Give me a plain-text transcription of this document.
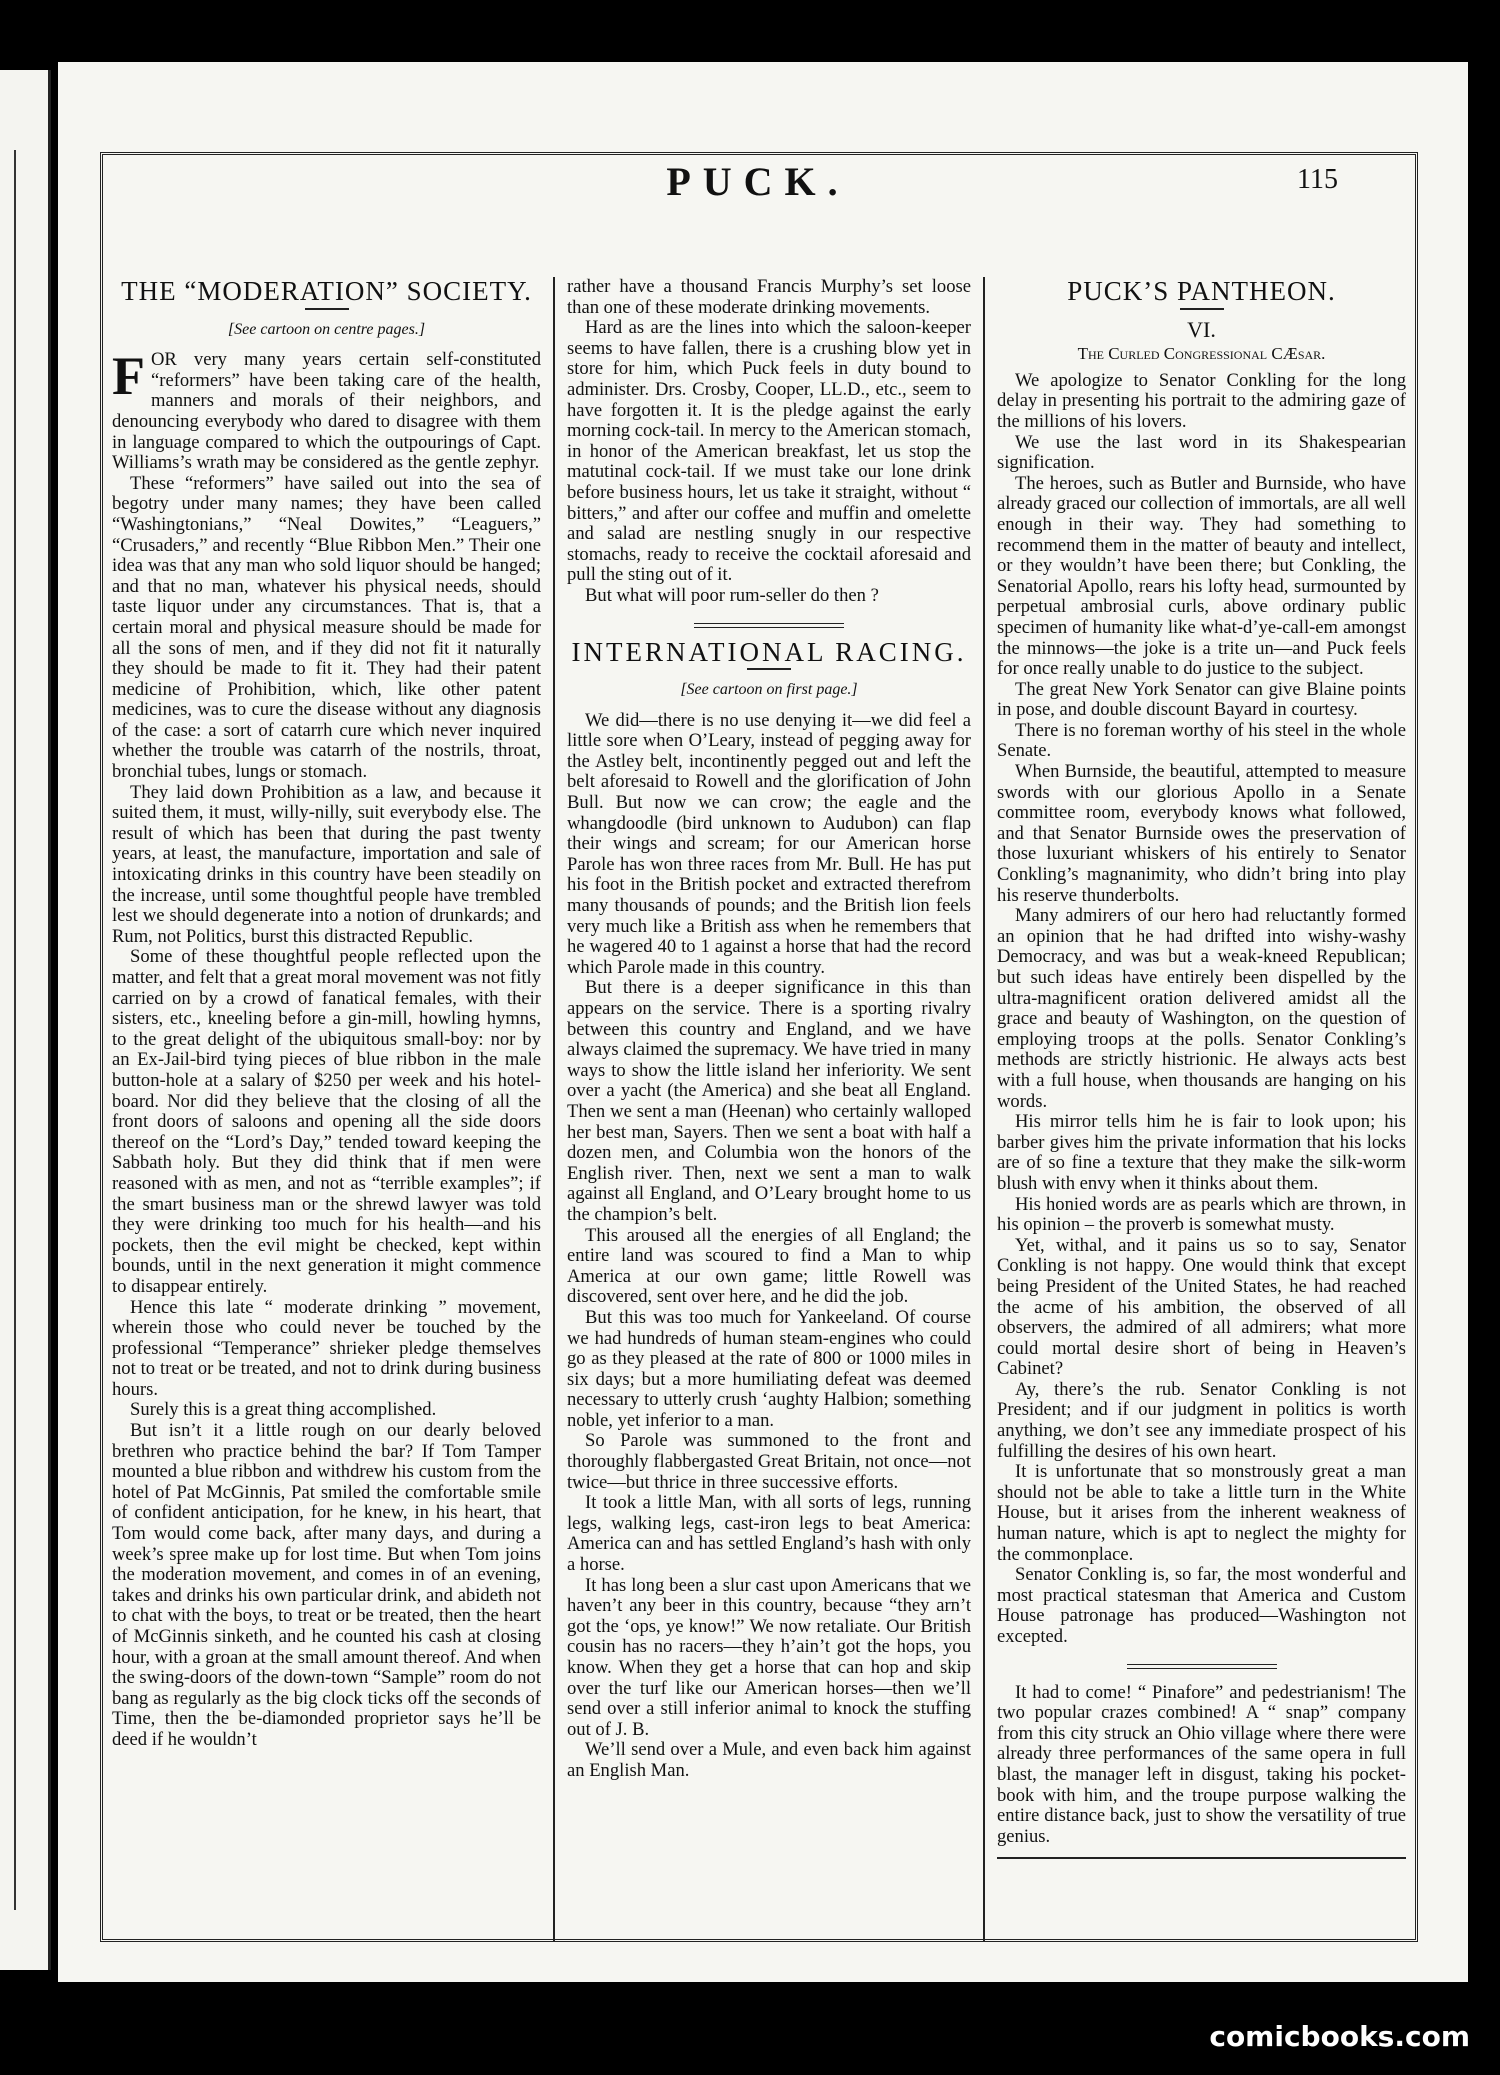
PUCK.	115
THE “MODERATION” SOCIETY.
[See cartoon on centre pages.]

FOR very many years certain self-constituted “reformers” have been taking care of the health, manners and morals of their neighbors, and denouncing everybody who dared to disagree with them in language compared to which the outpourings of Capt. Williams’s wrath may be considered as the gentle zephyr.

These “reformers” have sailed out into the sea of begotry under many names; they have been called “Washingtonians,” “Neal Dowites,” “Leaguers,” “Crusaders,” and recently “Blue Ribbon Men.” Their one idea was that any man who sold liquor should be hanged; and that no man, whatever his physical needs, should taste liquor under any circumstances. That is, that a certain moral and physical measure should be made for all the sons of men, and if they did not fit it naturally they should be made to fit it. They had their patent medicine of Prohibition, which, like other patent medicines, was to cure the disease without any diagnosis of the case: a sort of catarrh cure which never inquired whether the trouble was catarrh of the nostrils, throat, bronchial tubes, lungs or stomach.

They laid down Prohibition as a law, and because it suited them, it must, willy-nilly, suit everybody else. The result of which has been that during the past twenty years, at least, the manufacture, importation and sale of intoxicating drinks in this country have been steadily on the increase, until some thoughtful people have trembled lest we should degenerate into a notion of drunkards; and Rum, not Politics, burst this distracted Republic.

Some of these thoughtful people reflected upon the matter, and felt that a great moral movement was not fitly carried on by a crowd of fanatical females, with their sisters, etc., kneeling before a gin-mill, howling hymns, to the great delight of the ubiquitous small-boy: nor by an Ex-Jail-bird tying pieces of blue ribbon in the male button-hole at a salary of $250 per week and his hotel-board. Nor did they believe that the closing of all the front doors of saloons and opening all the side doors thereof on the “Lord’s Day,” tended toward keeping the Sabbath holy. But they did think that if men were reasoned with as men, and not as “terrible examples”; if the smart business man or the shrewd lawyer was told they were drinking too much for his health—and his pockets, then the evil might be checked, kept within bounds, until in the next generation it might commence to disappear entirely.

Hence this late “ moderate drinking ” movement, wherein those who could never be touched by the professional “Temperance” shrieker pledge themselves not to treat or be treated, and not to drink during business hours.

Surely this is a great thing accomplished.

But isn’t it a little rough on our dearly beloved brethren who practice behind the bar? If Tom Tamper mounted a blue ribbon and withdrew his custom from the hotel of Pat McGinnis, Pat smiled the comfortable smile of confident anticipation, for he knew, in his heart, that Tom would come back, after many days, and during a week’s spree make up for lost time. But when Tom joins the moderation movement, and comes in of an evening, takes and drinks his own particular drink, and abideth not to chat with the boys, to treat or be treated, then the heart of McGinnis sinketh, and he counted his cash at closing hour, with a groan at the small amount thereof. And when the swing-doors of the down-town “Sample” room do not bang as regularly as the big clock ticks off the seconds of Time, then the be-diamonded proprietor says he’ll be deed if he wouldn’t

rather have a thousand Francis Murphy’s set loose than one of these moderate drinking movements.

Hard as are the lines into which the saloon-keeper seems to have fallen, there is a crushing blow yet in store for him, which Puck feels in duty bound to administer. Drs. Crosby, Cooper, LL.D., etc., seem to have forgotten it. It is the pledge against the early morning cock-tail. In mercy to the American stomach, in honor of the American breakfast, let us stop the matutinal cock-tail. If we must take our lone drink before business hours, let us take it straight, without “ bitters,” and after our coffee and muffin and omelette and salad are nestling snugly in our respective stomachs, ready to receive the cocktail aforesaid and pull the sting out of it.

But what will poor rum-seller do then ?

INTERNATIONAL RACING.
[See cartoon on first page.]

We did—there is no use denying it—we did feel a little sore when O’Leary, instead of pegging away for the Astley belt, incontinently pegged out and left the belt aforesaid to Rowell and the glorification of John Bull. But now we can crow; the eagle and the whangdoodle (bird unknown to Audubon) can flap their wings and scream; for our American horse Parole has won three races from Mr. Bull. He has put his foot in the British pocket and extracted therefrom many thousands of pounds; and the British lion feels very much like a British ass when he remembers that he wagered 40 to 1 against a horse that had the record which Parole made in this country.

But there is a deeper significance in this than appears on the service. There is a sporting rivalry between this country and England, and we have always claimed the supremacy. We have tried in many ways to show the little island her inferiority. We sent over a yacht (the America) and she beat all England. Then we sent a man (Heenan) who certainly walloped her best man, Sayers. Then we sent a boat with half a dozen men, and Columbia won the honors of the English river. Then, next we sent a man to walk against all England, and O’Leary brought home to us the champion’s belt.

This aroused all the energies of all England; the entire land was scoured to find a Man to whip America at our own game; little Rowell was discovered, sent over here, and he did the job.

But this was too much for Yankeeland. Of course we had hundreds of human steam-engines who could go as they pleased at the rate of 800 or 1000 miles in six days; but a more humiliating defeat was deemed necessary to utterly crush ‘aughty Halbion; something noble, yet inferior to a man.

So Parole was summoned to the front and thoroughly flabbergasted Great Britain, not once—not twice—but thrice in three successive efforts.

It took a little Man, with all sorts of legs, running legs, walking legs, cast-iron legs to beat America: America can and has settled England’s hash with only a horse.

It has long been a slur cast upon Americans that we haven’t any beer in this country, because “they arn’t got the ‘ops, ye know!” We now retaliate. Our British cousin has no racers—they h’ain’t got the hops, you know. When they get a horse that can hop and skip over the turf like our American horses—then we’ll send over a still inferior animal to knock the stuffing out of J. B.

We’ll send over a Mule, and even back him against an English Man.

PUCK’S PANTHEON.
VI.
The Curled Congressional CÆsar.

We apologize to Senator Conkling for the long delay in presenting his portrait to the admiring gaze of the millions of his lovers.

We use the last word in its Shakespearian signification.

The heroes, such as Butler and Burnside, who have already graced our collection of immortals, are all well enough in their way. They had something to recommend them in the matter of beauty and intellect, or they wouldn’t have been there; but Conkling, the Senatorial Apollo, rears his lofty head, surmounted by perpetual ambrosial curls, above ordinary public specimen of humanity like what-d’ye-call-em amongst the minnows—the joke is a trite un—and Puck feels for once really unable to do justice to the subject.

The great New York Senator can give Blaine points in pose, and double discount Bayard in courtesy.

There is no foreman worthy of his steel in the whole Senate.

When Burnside, the beautiful, attempted to measure swords with our glorious Apollo in a Senate committee room, everybody knows what followed, and that Senator Burnside owes the preservation of those luxuriant whiskers of his entirely to Senator Conkling’s magnanimity, who didn’t bring into play his reserve thunderbolts.

Many admirers of our hero had reluctantly formed an opinion that he had drifted into wishy-washy Democracy, and was but a weak-kneed Republican; but such ideas have entirely been dispelled by the ultra-magnificent oration delivered amidst all the grace and beauty of Washington, on the question of employing troops at the polls. Senator Conkling’s methods are strictly histrionic. He always acts best with a full house, when thousands are hanging on his words.

His mirror tells him he is fair to look upon; his barber gives him the private information that his locks are of so fine a texture that they make the silk-worm blush with envy when it thinks about them.

His honied words are as pearls which are thrown, in his opinion – the proverb is somewhat musty.

Yet, withal, and it pains us so to say, Senator Conkling is not happy. One would think that except being President of the United States, he had reached the acme of his ambition, the observed of all observers, the admired of all admirers; what more could mortal desire short of being in Heaven’s Cabinet?

Ay, there’s the rub. Senator Conkling is not President; and if our judgment in politics is worth anything, we don’t see any immediate prospect of his fulfilling the desires of his own heart.

It is unfortunate that so monstrously great a man should not be able to take a little turn in the White House, but it arises from the inherent weakness of human nature, which is apt to neglect the mighty for the commonplace.

Senator Conkling is, so far, the most wonderful and most practical statesman that America and Custom House patronage has produced—Washington not excepted.

It had to come! “ Pinafore” and pedestrianism! The two popular crazes combined! A “ snap” company from this city struck an Ohio village where there were already three performances of the same opera in full blast, the manager left in disgust, taking his pocket-book with him, and the troupe purpose walking the entire distance back, just to show the versatility of true genius.

comicbooks.com
